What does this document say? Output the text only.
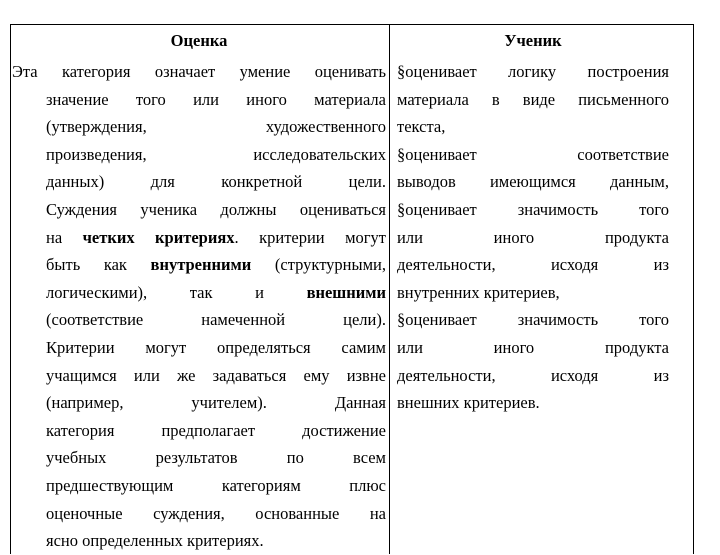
Оценка
Эта категория означает умение оценивать
значение того или иного материала
(утверждения, художественного
произведения, исследовательских
данных) для конкретной цели.
Суждения ученика должны оцениваться
на четких критериях. критерии могут
быть как внутренними (структурными,
логическими), так и внешними
(соответствие намеченной цели).
Критерии могут определяться самим
учащимся или же задаваться ему извне
(например, учителем). Данная
категория предполагает достижение
учебных результатов по всем
предшествующим категориям плюс
оценочные суждения, основанные на
ясно определенных критериях.
Ученик
§оценивает логику построения
материала в виде письменного
текста,
§оценивает соответствие
выводов имеющимся данным,
§оценивает значимость того
или иного продукта
деятельности, исходя из
внутренних критериев,
§оценивает значимость того
или иного продукта
деятельности, исходя из
внешних критериев.
